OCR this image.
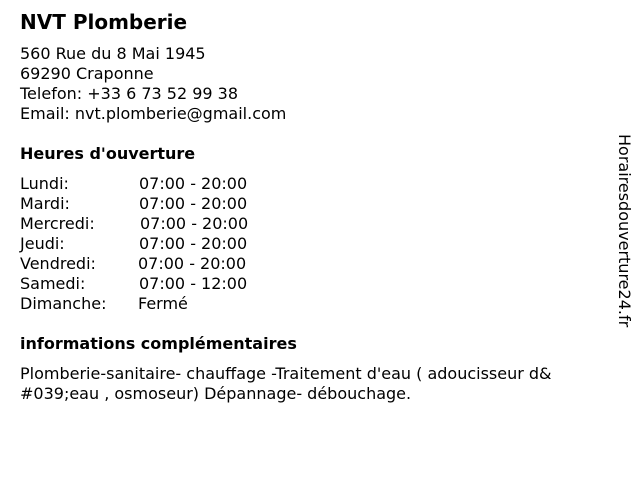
NVT Plomberie
560 Rue du 8 Mai 1945
69290 Craponne
Telefon: +33 6 73 52 99 38
Email: nvt.plomberie@gmail.com
Heures d'ouverture
Lundi:	07:00 - 20:00
Mardi:	07:00 - 20:00
Mercredi:	07:00 - 20:00
Jeudi:	07:00 - 20:00
Vendredi:	07:00 - 20:00
Samedi:	07:00 - 12:00
Dimanche: Fermé
informations complémentaires
Plomberie-sanitaire- chauffage -Traitement d'eau ( adoucisseur d&
#039;eau , osmoseur) Dépannage- débouchage.
Horairesdouverture24.fr
